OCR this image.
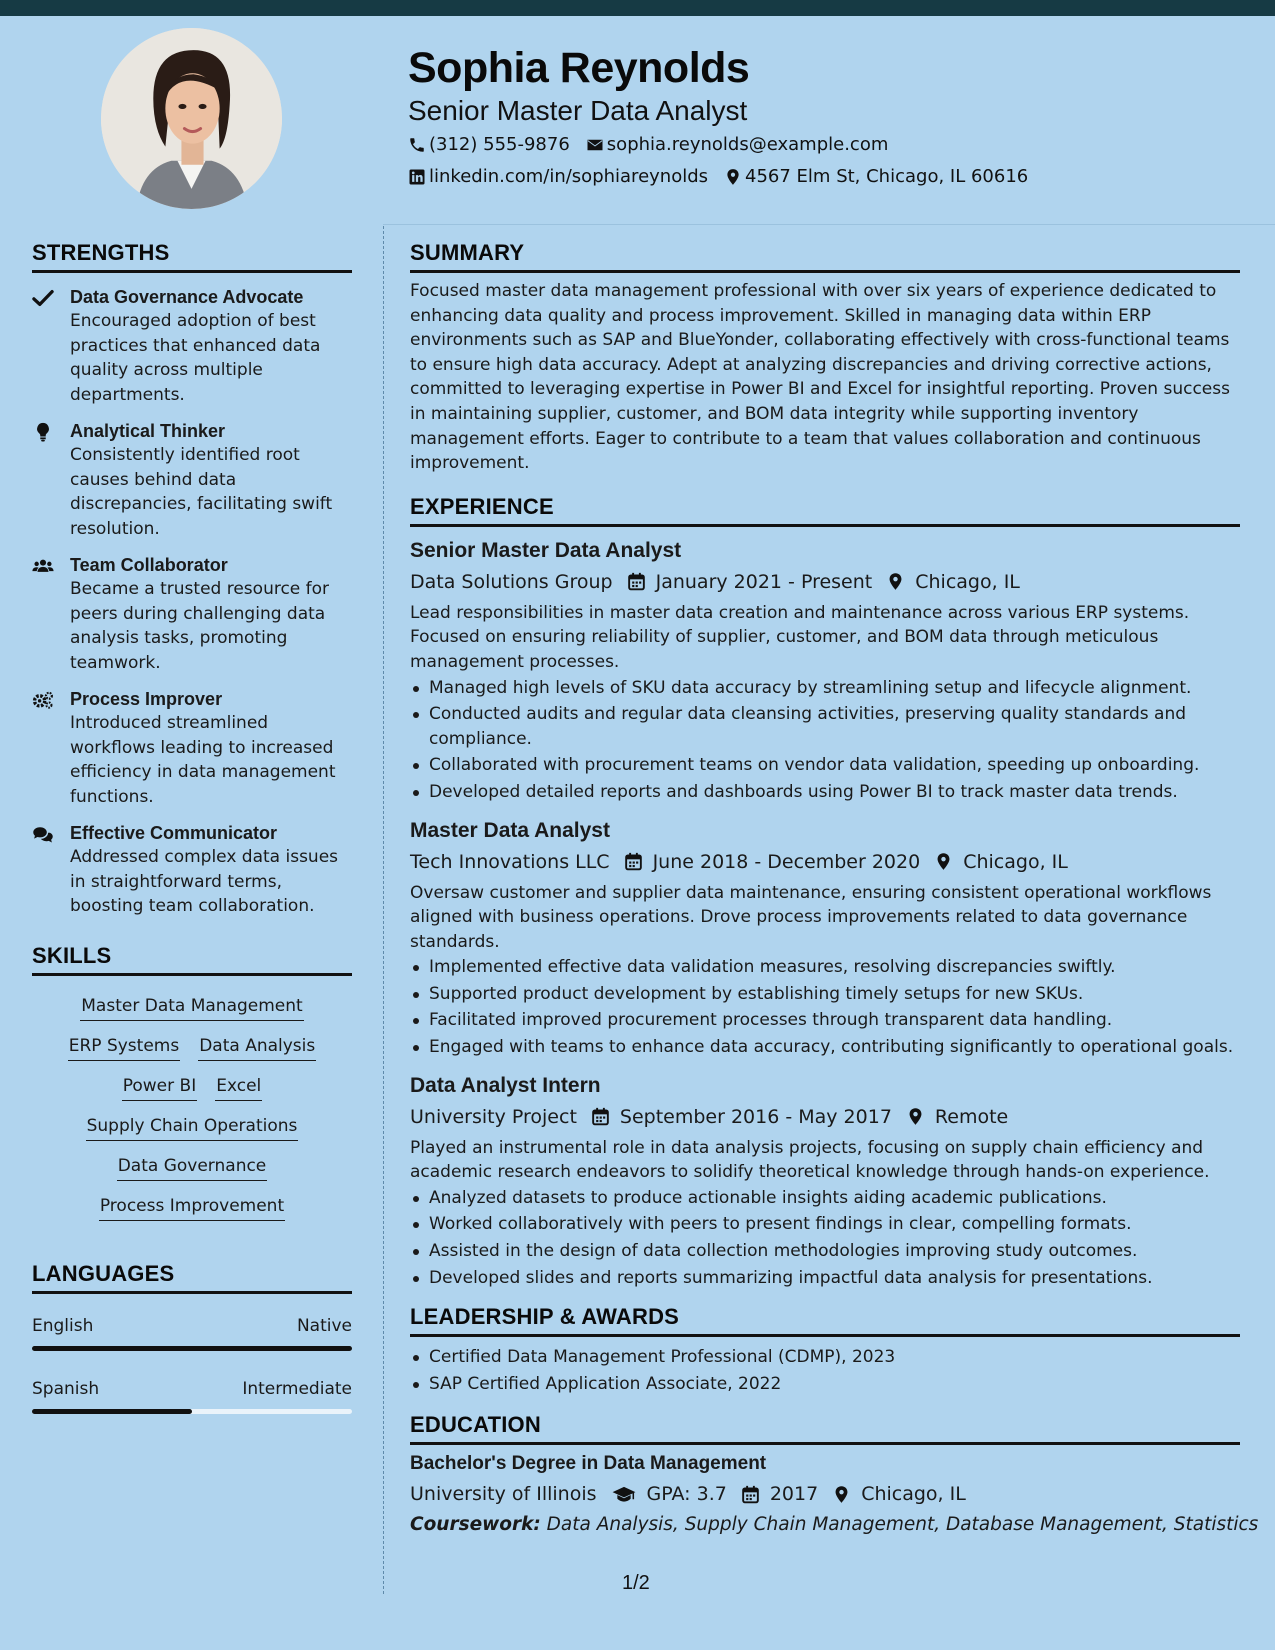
Sophia Reynolds
Senior Master Data Analyst
(312) 555-9876 sophia.reynolds@example.com
linkedin.com/in/sophiareynolds 4567 Elm St, Chicago, IL 60616
STRENGTHS
Data Governance Advocate
Encouraged adoption of best practices that enhanced data quality across multiple departments.
Analytical Thinker
Consistently identified root causes behind data discrepancies, facilitating swift resolution.
Team Collaborator
Became a trusted resource for peers during challenging data analysis tasks, promoting teamwork.
Process Improver
Introduced streamlined workflows leading to increased efficiency in data management functions.
Effective Communicator
Addressed complex data issues in straightforward terms, boosting team collaboration.
SKILLS
Master Data Management
ERP Systems Data Analysis
Power BI Excel
Supply Chain Operations
Data Governance
Process Improvement
LANGUAGES
English	Native
Spanish	Intermediate
SUMMARY
Focused master data management professional with over six years of experience dedicated to enhancing data quality and process improvement. Skilled in managing data within ERP environments such as SAP and BlueYonder, collaborating effectively with cross-functional teams to ensure high data accuracy. Adept at analyzing discrepancies and driving corrective actions, committed to leveraging expertise in Power BI and Excel for insightful reporting. Proven success in maintaining supplier, customer, and BOM data integrity while supporting inventory management efforts. Eager to contribute to a team that values collaboration and continuous improvement.
EXPERIENCE
Senior Master Data Analyst
Data Solutions Group January 2021 - Present Chicago, IL
Lead responsibilities in master data creation and maintenance across various ERP systems. Focused on ensuring reliability of supplier, customer, and BOM data through meticulous management processes.
Managed high levels of SKU data accuracy by streamlining setup and lifecycle alignment.
Conducted audits and regular data cleansing activities, preserving quality standards and compliance.
Collaborated with procurement teams on vendor data validation, speeding up onboarding.
Developed detailed reports and dashboards using Power BI to track master data trends.
Master Data Analyst
Tech Innovations LLC June 2018 - December 2020 Chicago, IL
Oversaw customer and supplier data maintenance, ensuring consistent operational workflows aligned with business operations. Drove process improvements related to data governance standards.
Implemented effective data validation measures, resolving discrepancies swiftly.
Supported product development by establishing timely setups for new SKUs.
Facilitated improved procurement processes through transparent data handling.
Engaged with teams to enhance data accuracy, contributing significantly to operational goals.
Data Analyst Intern
University Project September 2016 - May 2017 Remote
Played an instrumental role in data analysis projects, focusing on supply chain efficiency and academic research endeavors to solidify theoretical knowledge through hands-on experience.
Analyzed datasets to produce actionable insights aiding academic publications.
Worked collaboratively with peers to present findings in clear, compelling formats.
Assisted in the design of data collection methodologies improving study outcomes.
Developed slides and reports summarizing impactful data analysis for presentations.
LEADERSHIP & AWARDS
Certified Data Management Professional (CDMP), 2023
SAP Certified Application Associate, 2022
EDUCATION
Bachelor's Degree in Data Management
University of Illinois	GPA: 3.7 2017 Chicago, IL
Coursework: Data Analysis, Supply Chain Management, Database Management, Statistics
1/2
